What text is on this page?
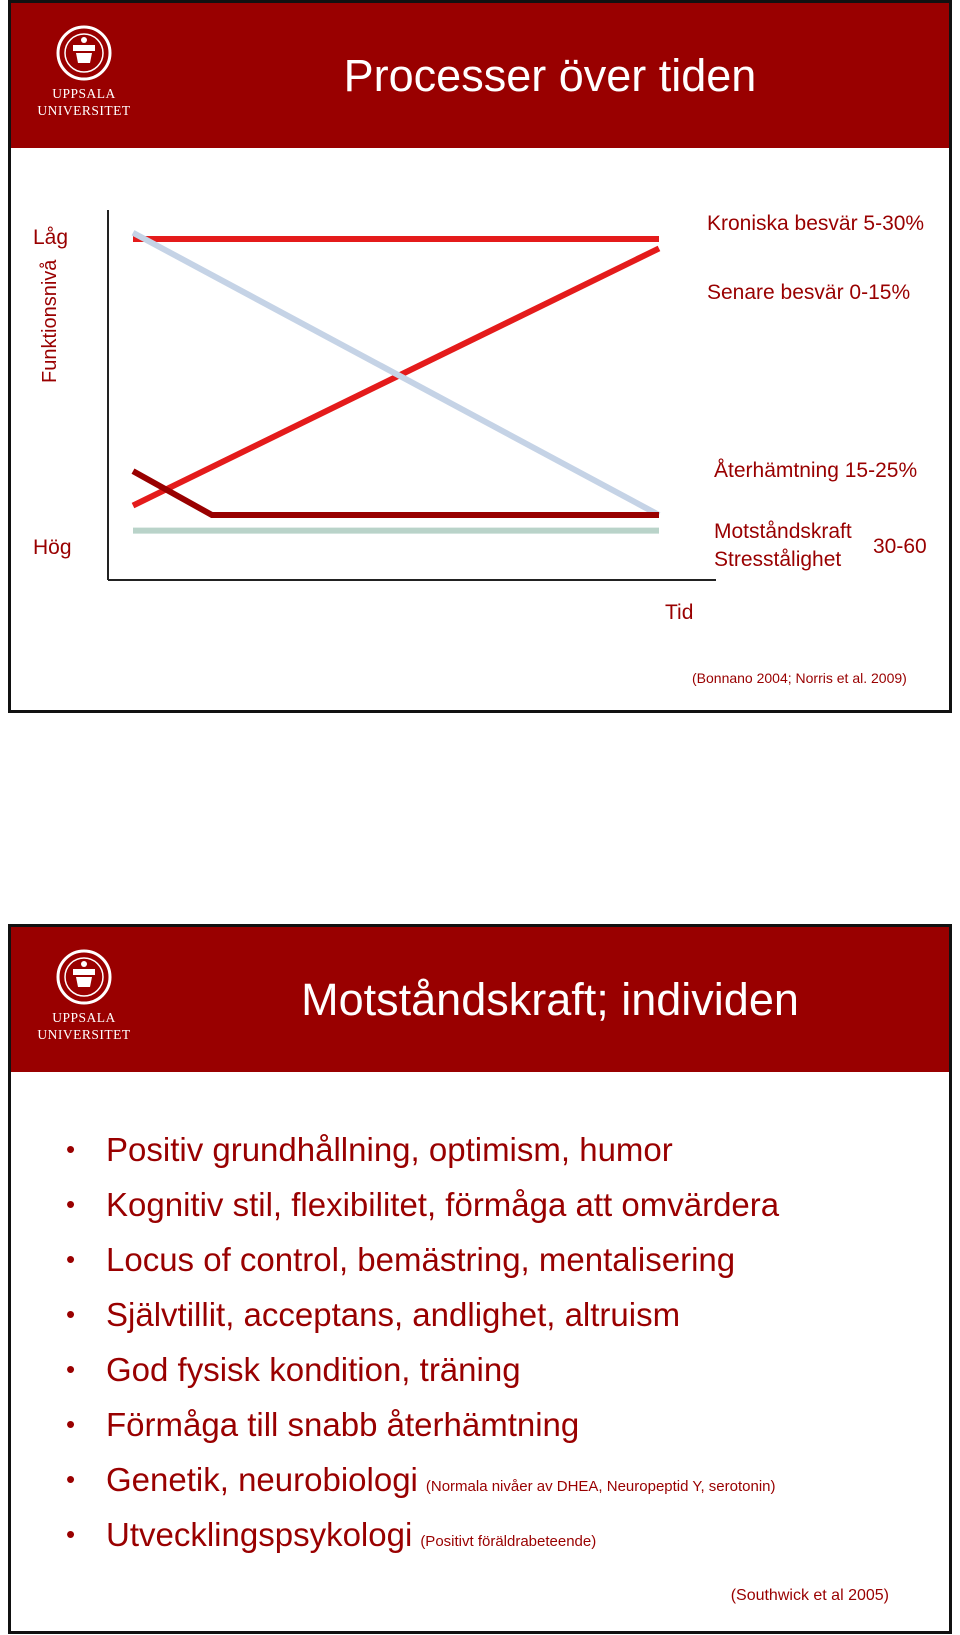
UPPSALA
UNIVERSITET
Processer över tiden
Funktionsnivå
Låg
Hög
Kroniska besvär 5-30%
Senare besvär 0-15%
Återhämtning 15-25%
Motståndskraft
Stresstålighet
30-60
Tid
(Bonnano 2004; Norris et al. 2009)
UPPSALA
UNIVERSITET
Motståndskraft; individen
• Positiv grundhållning, optimism, humor
• Kognitiv stil, flexibilitet, förmåga att omvärdera
• Locus of control, bemästring, mentalisering
• Självtillit, acceptans, andlighet, altruism
• God fysisk kondition, träning
• Förmåga till snabb återhämtning
• Genetik, neurobiologi (Normala nivåer av DHEA, Neuropeptid Y, serotonin)
• Utvecklingspsykologi (Positivt föräldrabeteende)
(Southwick et al 2005)
